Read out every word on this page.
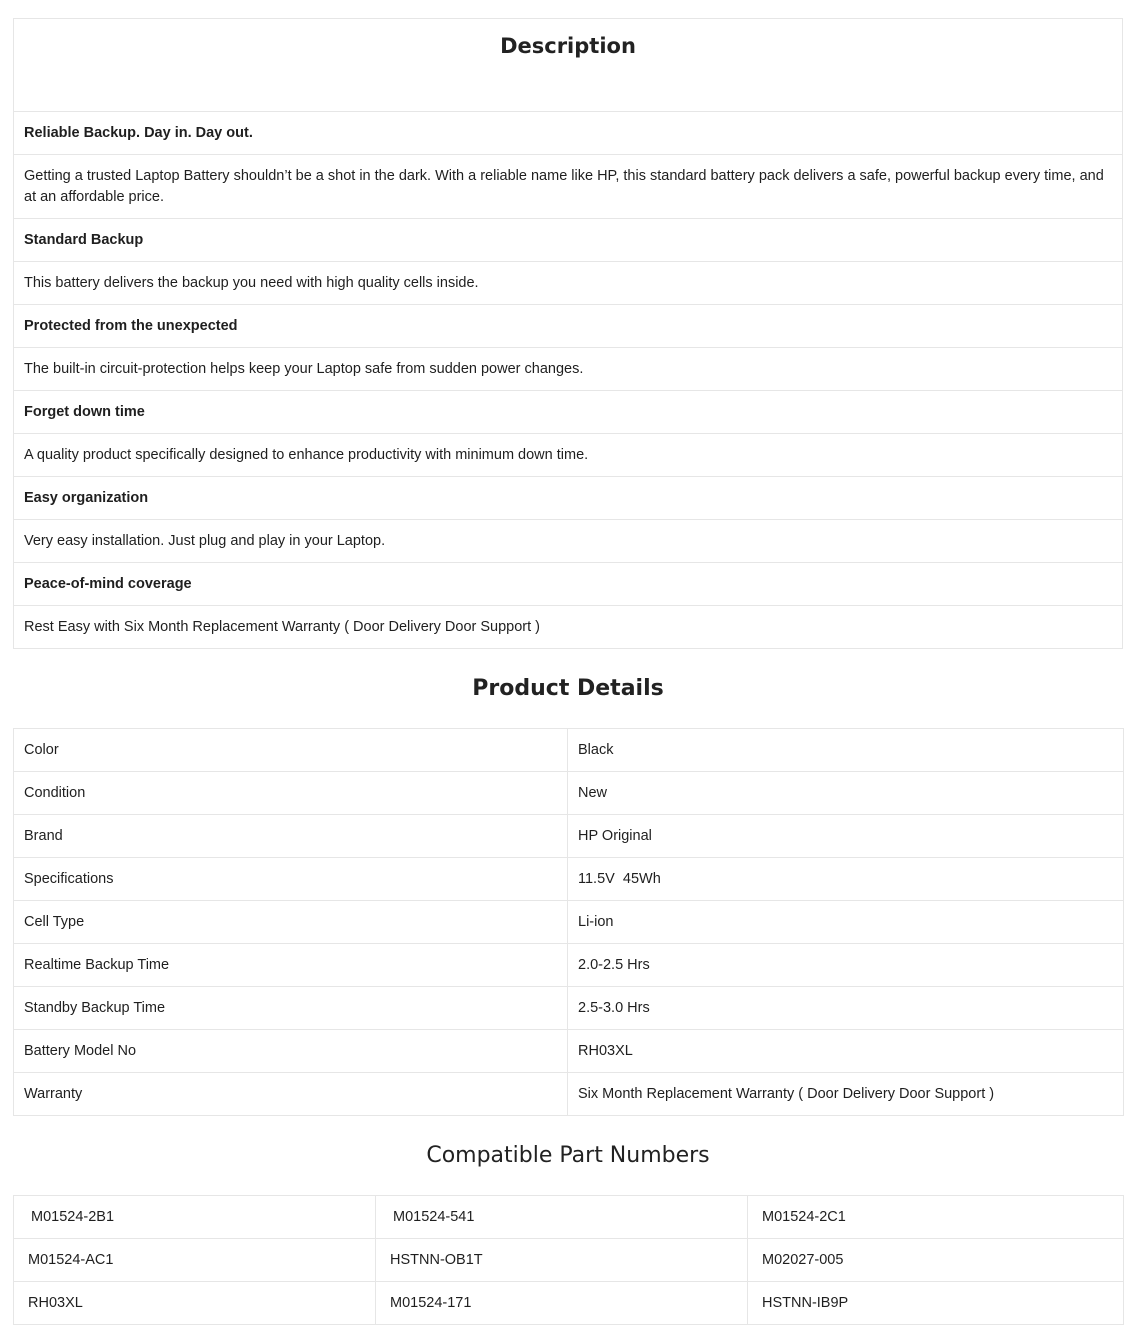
Description

Reliable Backup. Day in. Day out.
Getting a trusted Laptop Battery shouldn’t be a shot in the dark. With a reliable name like HP, this standard battery pack delivers a safe, powerful backup every time, and at an affordable price.
Standard Backup
This battery delivers the backup you need with high quality cells inside.
Protected from the unexpected
The built-in circuit-protection helps keep your Laptop safe from sudden power changes.
Forget down time
A quality product specifically designed to enhance productivity with minimum down time.
Easy organization
Very easy installation. Just plug and play in your Laptop.
Peace-of-mind coverage
Rest Easy with Six Month Replacement Warranty ( Door Delivery Door Support )
Product Details
Color	Black
Condition	New
Brand	HP Original
Specifications	11.5V  45Wh
Cell Type	Li-ion
Realtime Backup Time	2.0-2.5 Hrs
Standby Backup Time	2.5-3.0 Hrs
Battery Model No	RH03XL
Warranty	Six Month Replacement Warranty ( Door Delivery Door Support )
Compatible Part Numbers
M01524-2B1	M01524-541	M01524-2C1
M01524-AC1	HSTNN-OB1T	M02027-005
RH03XL	M01524-171	HSTNN-IB9P
